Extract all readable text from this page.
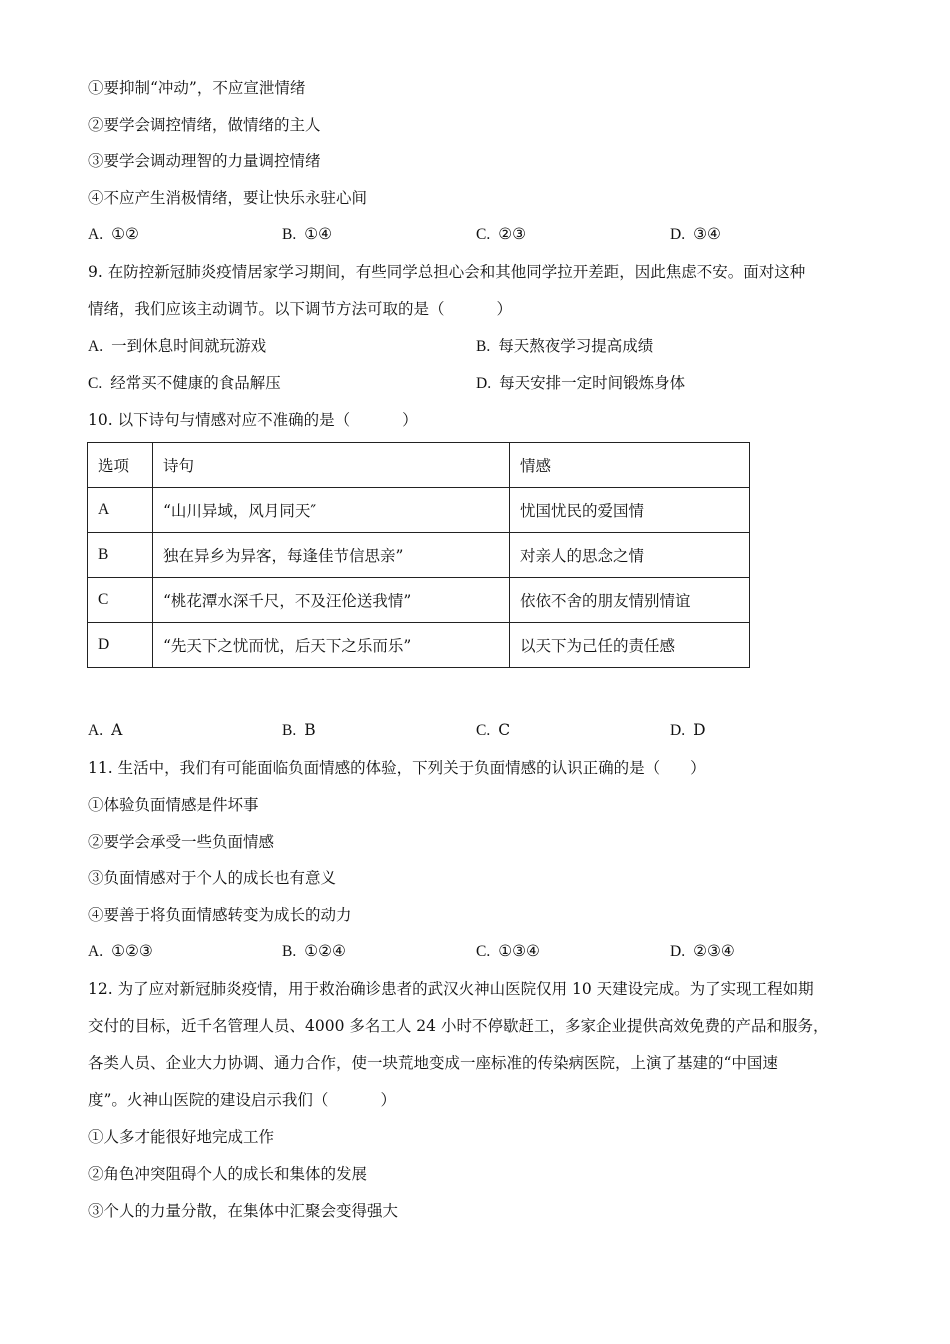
①要抑制“冲动”，不应宣泄情绪
②要学会调控情绪，做情绪的主人
③要学会调动理智的力量调控情绪
④不应产生消极情绪，要让快乐永驻心间
A. ①②	B. ①④	C. ②③	D. ③④
9. 在防控新冠肺炎疫情居家学习期间，有些同学总担心会和其他同学拉开差距，因此焦虑不安。面对这种
情绪，我们应该主动调节。以下调节方法可取的是（	）
A. 一到休息时间就玩游戏	B. 每天熬夜学习提高成绩
C. 经常买不健康的食品解压	D. 每天安排一定时间锻炼身体
10. 以下诗句与情感对应不准确的是（	）
选项	诗句	情感
A	“山川异域，风月同天″	忧国忧民的爱国情
B	独在异乡为异客，每逢佳节信思亲”	对亲人的思念之情
C	“桃花潭水深千尺，不及汪伦送我情”	依依不舍的朋友情别情谊
D	“先天下之忧而忧，后天下之乐而乐”	以天下为己任的责任感
A. A	B. B	C. C	D. D
11. 生活中，我们有可能面临负面情感的体验，下列关于负面情感的认识正确的是（ ）
①体验负面情感是件坏事
②要学会承受一些负面情感
③负面情感对于个人的成长也有意义
④要善于将负面情感转变为成长的动力
A. ①②③	B. ①②④	C. ①③④	D. ②③④
12. 为了应对新冠肺炎疫情，用于救治确诊患者的武汉火神山医院仅用 10 天建设完成。为了实现工程如期
交付的目标，近千名管理人员、4000 多名工人 24 小时不停歇赶工，多家企业提供高效免费的产品和服务，
各类人员、企业大力协调、通力合作，使一块荒地变成一座标准的传染病医院，上演了基建的“中国速
度”。火神山医院的建设启示我们（	）
①人多才能很好地完成工作
②角色冲突阻碍个人的成长和集体的发展
③个人的力量分散，在集体中汇聚会变得强大
